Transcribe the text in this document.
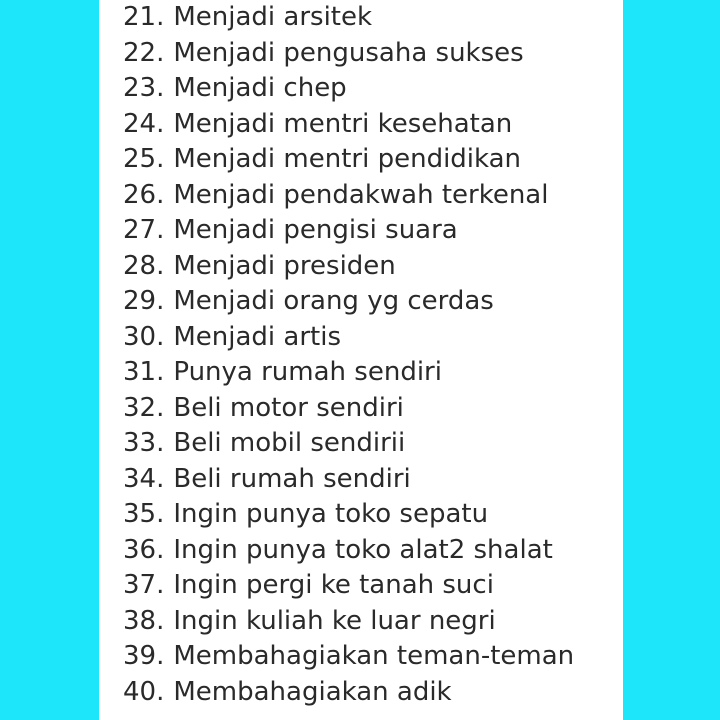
21. Menjadi arsitek
22. Menjadi pengusaha sukses
23. Menjadi chep
24. Menjadi mentri kesehatan
25. Menjadi mentri pendidikan
26. Menjadi pendakwah terkenal
27. Menjadi pengisi suara
28. Menjadi presiden
29. Menjadi orang yg cerdas
30. Menjadi artis
31. Punya rumah sendiri
32. Beli motor sendiri
33. Beli mobil sendirii
34. Beli rumah sendiri
35. Ingin punya toko sepatu
36. Ingin punya toko alat2 shalat
37. Ingin pergi ke tanah suci
38. Ingin kuliah ke luar negri
39. Membahagiakan teman-teman
40. Membahagiakan adik
